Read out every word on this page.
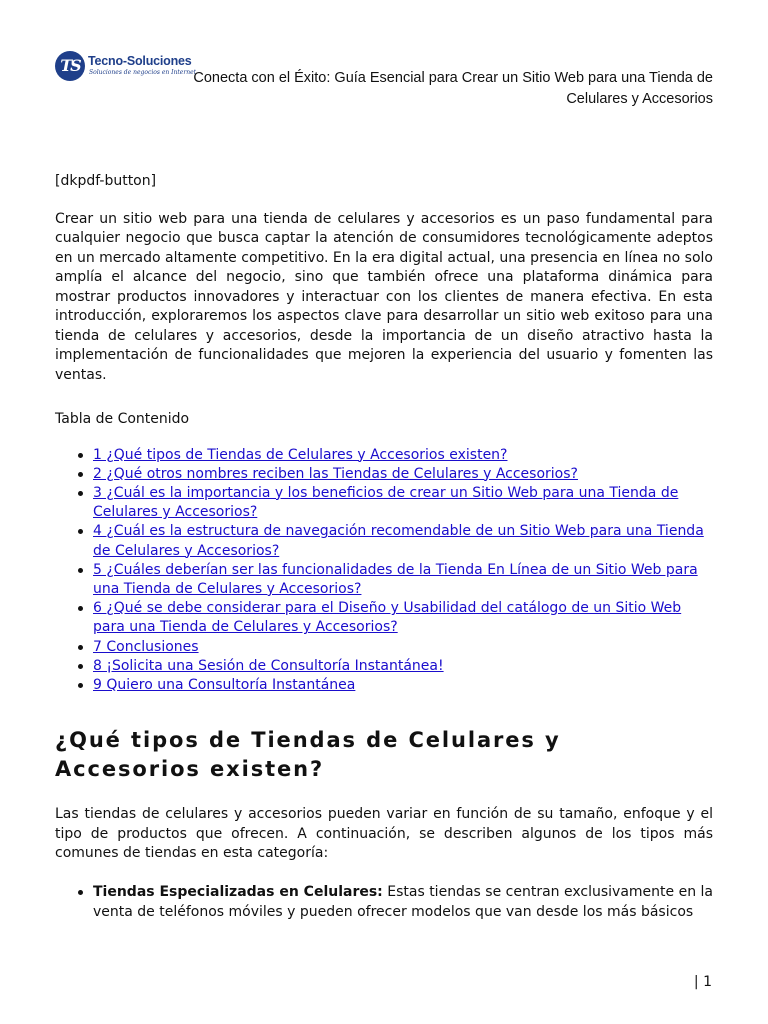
TS Tecno-Soluciones
Soluciones de negocios en Internet
Conecta con el Éxito: Guía Esencial para Crear un Sitio Web para una Tienda de Celulares y Accesorios

[dkpdf-button]

Crear un sitio web para una tienda de celulares y accesorios es un paso fundamental para cualquier negocio que busca captar la atención de consumidores tecnológicamente adeptos en un mercado altamente competitivo. En la era digital actual, una presencia en línea no solo amplía el alcance del negocio, sino que también ofrece una plataforma dinámica para mostrar productos innovadores y interactuar con los clientes de manera efectiva. En esta introducción, exploraremos los aspectos clave para desarrollar un sitio web exitoso para una tienda de celulares y accesorios, desde la importancia de un diseño atractivo hasta la implementación de funcionalidades que mejoren la experiencia del usuario y fomenten las ventas.

Tabla de Contenido
1 ¿Qué tipos de Tiendas de Celulares y Accesorios existen?
2 ¿Qué otros nombres reciben las Tiendas de Celulares y Accesorios?
3 ¿Cuál es la importancia y los beneficios de crear un Sitio Web para una Tienda de Celulares y Accesorios?
4 ¿Cuál es la estructura de navegación recomendable de un Sitio Web para una Tienda de Celulares y Accesorios?
5 ¿Cuáles deberían ser las funcionalidades de la Tienda En Línea de un Sitio Web para una Tienda de Celulares y Accesorios?
6 ¿Qué se debe considerar para el Diseño y Usabilidad del catálogo de un Sitio Web para una Tienda de Celulares y Accesorios?
7 Conclusiones
8 ¡Solicita una Sesión de Consultoría Instantánea!
9 Quiero una Consultoría Instantánea
¿Qué tipos de Tiendas de Celulares y Accesorios existen?

Las tiendas de celulares y accesorios pueden variar en función de su tamaño, enfoque y el tipo de productos que ofrecen. A continuación, se describen algunos de los tipos más comunes de tiendas en esta categoría:

Tiendas Especializadas en Celulares: Estas tiendas se centran exclusivamente en la venta de teléfonos móviles y pueden ofrecer modelos que van desde los más básicos
| 1
